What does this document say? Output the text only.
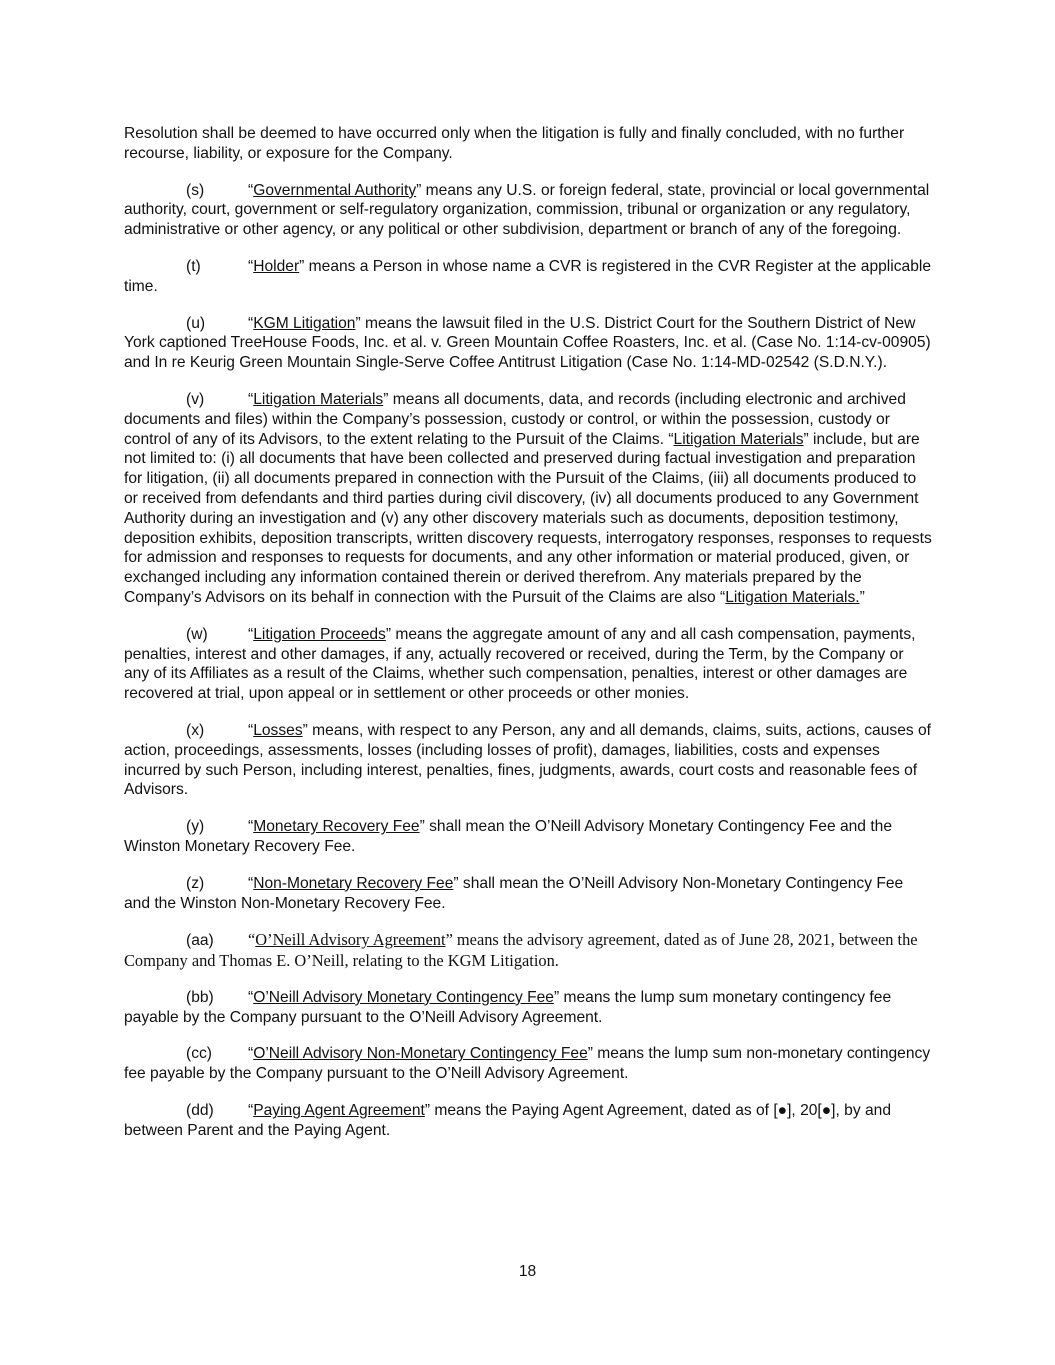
Resolution shall be deemed to have occurred only when the litigation is fully and finally concluded, with no further recourse, liability, or exposure for the Company.

(s)	“Governmental Authority” means any U.S. or foreign federal, state, provincial or local governmental authority, court, government or self-regulatory organization, commission, tribunal or organization or any regulatory, administrative or other agency, or any political or other subdivision, department or branch of any of the foregoing.

(t)	“Holder” means a Person in whose name a CVR is registered in the CVR Register at the applicable time.

(u)	“KGM Litigation” means the lawsuit filed in the U.S. District Court for the Southern District of New York captioned TreeHouse Foods, Inc. et al. v. Green Mountain Coffee Roasters, Inc. et al. (Case No. 1:14-cv-00905) and In re Keurig Green Mountain Single-Serve Coffee Antitrust Litigation (Case No. 1:14-MD-02542 (S.D.N.Y.).

(v)	“Litigation Materials” means all documents, data, and records (including electronic and archived documents and files) within the Company’s possession, custody or control, or within the possession, custody or control of any of its Advisors, to the extent relating to the Pursuit of the Claims. “Litigation Materials” include, but are not limited to: (i) all documents that have been collected and preserved during factual investigation and preparation for litigation, (ii) all documents prepared in connection with the Pursuit of the Claims, (iii) all documents produced to or received from defendants and third parties during civil discovery, (iv) all documents produced to any Government Authority during an investigation and (v) any other discovery materials such as documents, deposition testimony, deposition exhibits, deposition transcripts, written discovery requests, interrogatory responses, responses to requests for admission and responses to requests for documents, and any other information or material produced, given, or exchanged including any information contained therein or derived therefrom. Any materials prepared by the Company’s Advisors on its behalf in connection with the Pursuit of the Claims are also “Litigation Materials.”

(w)	“Litigation Proceeds” means the aggregate amount of any and all cash compensation, payments, penalties, interest and other damages, if any, actually recovered or received, during the Term, by the Company or any of its Affiliates as a result of the Claims, whether such compensation, penalties, interest or other damages are recovered at trial, upon appeal or in settlement or other proceeds or other monies.

(x)	“Losses” means, with respect to any Person, any and all demands, claims, suits, actions, causes of action, proceedings, assessments, losses (including losses of profit), damages, liabilities, costs and expenses incurred by such Person, including interest, penalties, fines, judgments, awards, court costs and reasonable fees of Advisors.

(y)	“Monetary Recovery Fee” shall mean the O’Neill Advisory Monetary Contingency Fee and the Winston Monetary Recovery Fee.

(z)	“Non-Monetary Recovery Fee” shall mean the O’Neill Advisory Non-Monetary Contingency Fee and the Winston Non-Monetary Recovery Fee.

(aa) “O’Neill Advisory Agreement” means the advisory agreement, dated as of June 28, 2021, between the Company and Thomas E. O’Neill, relating to the KGM Litigation.

(bb) “O’Neill Advisory Monetary Contingency Fee” means the lump sum monetary contingency fee payable by the Company pursuant to the O’Neill Advisory Agreement.

(cc) “O’Neill Advisory Non-Monetary Contingency Fee” means the lump sum non-monetary contingency fee payable by the Company pursuant to the O’Neill Advisory Agreement.

(dd) “Paying Agent Agreement” means the Paying Agent Agreement, dated as of [●], 20[●], by and between Parent and the Paying Agent.

18
